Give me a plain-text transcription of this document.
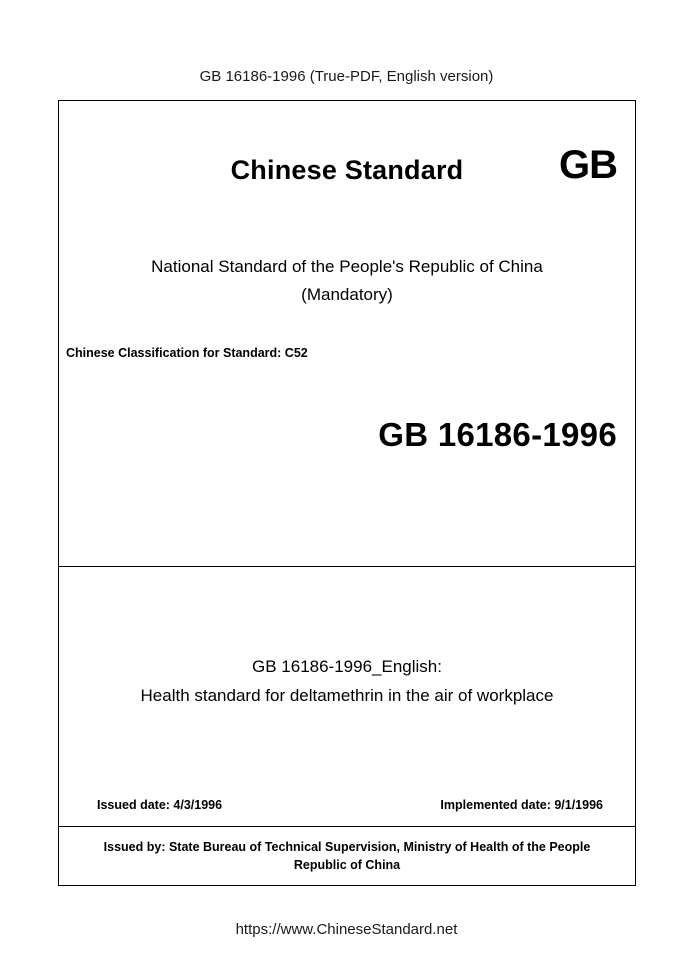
GB 16186-1996 (True-PDF, English version)
Chinese Standard	GB
National Standard of the People's Republic of China
(Mandatory)
Chinese Classification for Standard: C52
GB 16186-1996
GB 16186-1996_English:
Health standard for deltamethrin in the air of workplace
Issued date: 4/3/1996	Implemented date: 9/1/1996
Issued by: State Bureau of Technical Supervision, Ministry of Health of the People Republic of China
https://www.ChineseStandard.net
